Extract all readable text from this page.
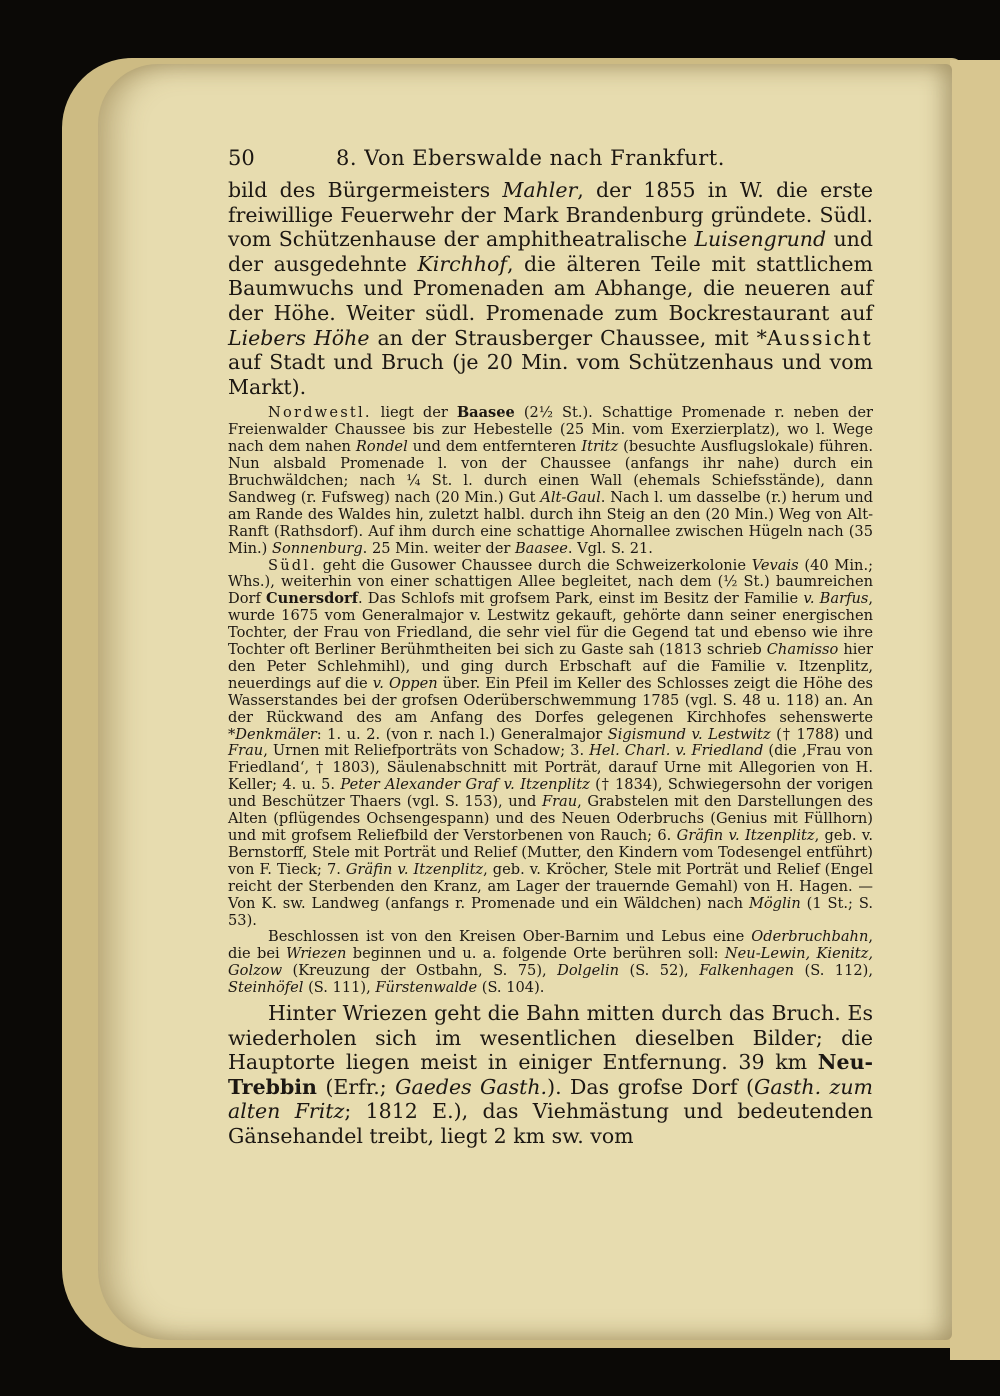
50	8. Von Eberswalde nach Frankfurt.

bild des Bürgermeisters Mahler, der 1855 in W. die erste freiwillige Feuerwehr der Mark Brandenburg gründete. Südl. vom Schützenhause der amphitheatralische Luisengrund und der ausgedehnte Kirchhof, die älteren Teile mit stattlichem Baumwuchs und Promenaden am Abhange, die neueren auf der Höhe. Weiter südl. Promenade zum Bockrestaurant auf Liebers Höhe an der Strausberger Chaussee, mit *Aussicht auf Stadt und Bruch (je 20 Min. vom Schützenhaus und vom Markt).

Nordwestl. liegt der Baasee (2½ St.). Schattige Promenade r. neben der Freienwalder Chaussee bis zur Hebestelle (25 Min. vom Exerzierplatz), wo l. Wege nach dem nahen Rondel und dem entfernteren Itritz (besuchte Ausflugslokale) führen. Nun alsbald Promenade l. von der Chaussee (anfangs ihr nahe) durch ein Bruchwäldchen; nach ¼ St. l. durch einen Wall (ehemals Schiefsstände), dann Sandweg (r. Fufsweg) nach (20 Min.) Gut Alt-Gaul. Nach l. um dasselbe (r.) herum und am Rande des Waldes hin, zuletzt halbl. durch ihn Steig an den (20 Min.) Weg von Alt-Ranft (Rathsdorf). Auf ihm durch eine schattige Ahornallee zwischen Hügeln nach (35 Min.) Sonnenburg. 25 Min. weiter der Baasee. Vgl. S. 21.

Südl. geht die Gusower Chaussee durch die Schweizerkolonie Vevais (40 Min.; Whs.), weiterhin von einer schattigen Allee begleitet, nach dem (½ St.) baumreichen Dorf Cunersdorf. Das Schlofs mit grofsem Park, einst im Besitz der Familie v. Barfus, wurde 1675 vom Generalmajor v. Lestwitz gekauft, gehörte dann seiner energischen Tochter, der Frau von Friedland, die sehr viel für die Gegend tat und ebenso wie ihre Tochter oft Berliner Berühmtheiten bei sich zu Gaste sah (1813 schrieb Chamisso hier den Peter Schlehmihl), und ging durch Erbschaft auf die Familie v. Itzenplitz, neuerdings auf die v. Oppen über. Ein Pfeil im Keller des Schlosses zeigt die Höhe des Wasserstandes bei der grofsen Oderüberschwemmung 1785 (vgl. S. 48 u. 118) an. An der Rückwand des am Anfang des Dorfes gelegenen Kirchhofes sehenswerte *Denkmäler: 1. u. 2. (von r. nach l.) Generalmajor Sigismund v. Lestwitz († 1788) und Frau, Urnen mit Reliefporträts von Schadow; 3. Hel. Charl. v. Friedland (die ‚Frau von Friedland‘, † 1803), Säulenabschnitt mit Porträt, darauf Urne mit Allegorien von H. Keller; 4. u. 5. Peter Alexander Graf v. Itzenplitz († 1834), Schwiegersohn der vorigen und Beschützer Thaers (vgl. S. 153), und Frau, Grabstelen mit den Darstellungen des Alten (pflügendes Ochsengespann) und des Neuen Oderbruchs (Genius mit Füllhorn) und mit grofsem Reliefbild der Verstorbenen von Rauch; 6. Gräfin v. Itzenplitz, geb. v. Bernstorff, Stele mit Porträt und Relief (Mutter, den Kindern vom Todesengel entführt) von F. Tieck; 7. Gräfin v. Itzenplitz, geb. v. Kröcher, Stele mit Porträt und Relief (Engel reicht der Sterbenden den Kranz, am Lager der trauernde Gemahl) von H. Hagen. — Von K. sw. Landweg (anfangs r. Promenade und ein Wäldchen) nach Möglin (1 St.; S. 53).

Beschlossen ist von den Kreisen Ober-Barnim und Lebus eine Oderbruchbahn, die bei Wriezen beginnen und u. a. folgende Orte berühren soll: Neu-Lewin, Kienitz, Golzow (Kreuzung der Ostbahn, S. 75), Dolgelin (S. 52), Falkenhagen (S. 112), Steinhöfel (S. 111), Fürstenwalde (S. 104).

Hinter Wriezen geht die Bahn mitten durch das Bruch. Es wiederholen sich im wesentlichen dieselben Bilder; die Hauptorte liegen meist in einiger Entfernung. 39 km Neu-Trebbin (Erfr.; Gaedes Gasth.). Das grofse Dorf (Gasth. zum alten Fritz; 1812 E.), das Viehmästung und bedeutenden Gänsehandel treibt, liegt 2 km sw. vom
